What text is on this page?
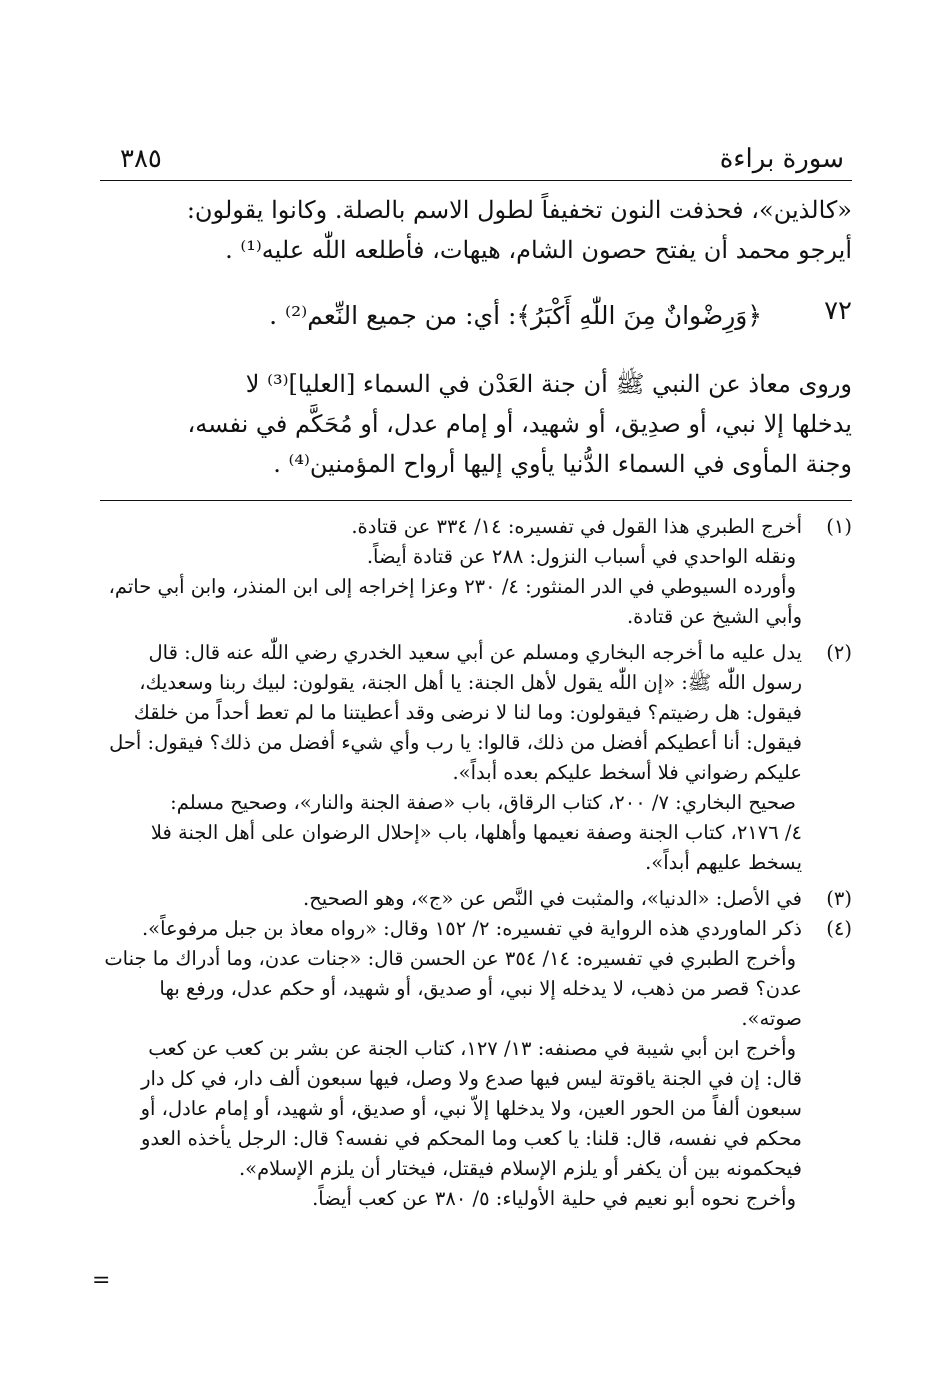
سورة براءة
٣٨٥

«كالذين»، فحذفت النون تخفيفاً لطول الاسم بالصلة. وكانوا يقولون:

أيرجو محمد أن يفتح حصون الشام، هيهات، فأطلعه اللّٰه عليه⁽¹⁾ .

٧٢
﴿وَرِضْوانٌ مِنَ اللّٰهِ أَكْبَرُ﴾: أي: من جميع النِّعم⁽²⁾ .

وروى معاذ عن النبي ﷺ أن جنة العَدْن في السماء [العليا]⁽³⁾ لا

يدخلها إلا نبي، أو صدِيق، أو شهيد، أو إمام عدل، أو مُحَكَّم في نفسه،

وجنة المأوى في السماء الدُّنيا يأوي إليها أرواح المؤمنين⁽⁴⁾ .

(١)

أخرج الطبري هذا القول في تفسيره: ١٤/ ٣٣٤ عن قتادة.

ونقله الواحدي في أسباب النزول: ٢٨٨ عن قتادة أيضاً.

وأورده السيوطي في الدر المنثور: ٤/ ٢٣٠ وعزا إخراجه إلى ابن المنذر، وابن أبي حاتم،

وأبي الشيخ عن قتادة.

(٢)

يدل عليه ما أخرجه البخاري ومسلم عن أبي سعيد الخدري رضي اللّٰه عنه قال: قال

رسول اللّٰه ﷺ: «إن اللّٰه يقول لأهل الجنة: يا أهل الجنة، يقولون: لبيك ربنا وسعديك،

فيقول: هل رضيتم؟ فيقولون: وما لنا لا نرضى وقد أعطيتنا ما لم تعط أحداً من خلقك

فيقول: أنا أعطيكم أفضل من ذلك، قالوا: يا رب وأي شيء أفضل من ذلك؟ فيقول: أحل

عليكم رضواني فلا أسخط عليكم بعده أبداً».

صحيح البخاري: ٧/ ٢٠٠، كتاب الرقاق، باب «صفة الجنة والنار»، وصحيح مسلم:

٤/ ٢١٧٦، كتاب الجنة وصفة نعيمها وأهلها، باب «إحلال الرضوان على أهل الجنة فلا

يسخط عليهم أبداً».

(٣)

في الأصل: «الدنيا»، والمثبت في النَّص عن «ج»، وهو الصحيح.

(٤)

ذكر الماوردي هذه الرواية في تفسيره: ٢/ ١٥٢ وقال: «رواه معاذ بن جبل مرفوعاً».

وأخرج الطبري في تفسيره: ١٤/ ٣٥٤ عن الحسن قال: «جنات عدن، وما أدراك ما جنات

عدن؟ قصر من ذهب، لا يدخله إلا نبي، أو صديق، أو شهيد، أو حكم عدل، ورفع بها

صوته».

وأخرج ابن أبي شيبة في مصنفه: ١٣/ ١٢٧، كتاب الجنة عن بشر بن كعب عن كعب

قال: إن في الجنة ياقوتة ليس فيها صدع ولا وصل، فيها سبعون ألف دار، في كل دار

سبعون ألفاً من الحور العين، ولا يدخلها إلاّ نبي، أو صديق، أو شهيد، أو إمام عادل، أو

محكم في نفسه، قال: قلنا: يا كعب وما المحكم في نفسه؟ قال: الرجل يأخذه العدو

فيحكمونه بين أن يكفر أو يلزم الإسلام فيقتل، فيختار أن يلزم الإسلام».

وأخرج نحوه أبو نعيم في حلية الأولياء: ٥/ ٣٨٠ عن كعب أيضاً.

=
